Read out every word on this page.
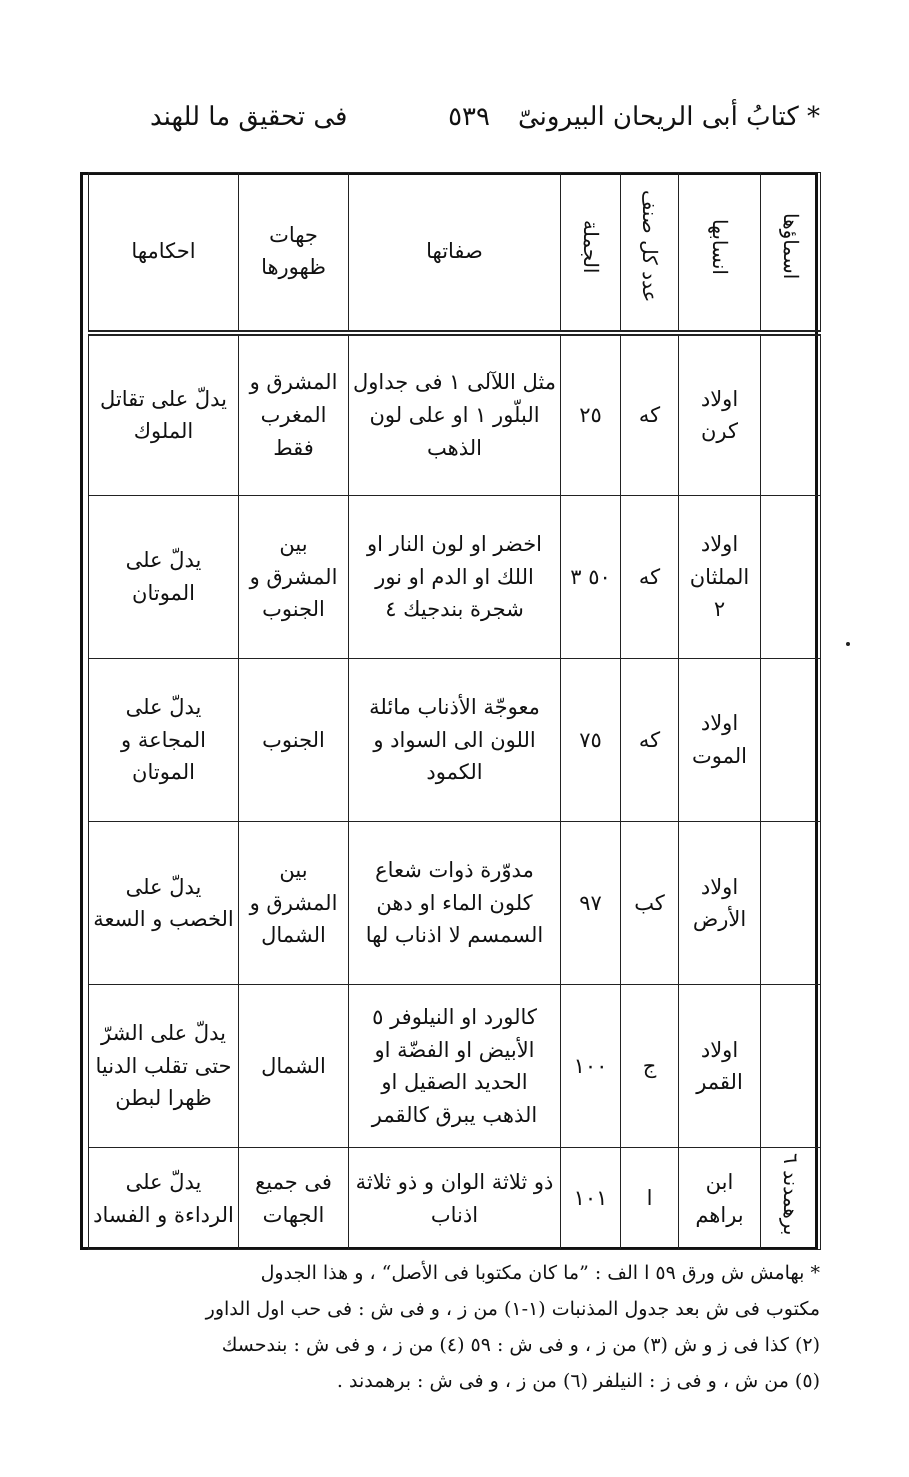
* كتابُ أبى الريحان البيرونىّ
٥٣٩
فى تحقيق ما للهند
اسماؤها	انسابها	عدد كل صنف	الجملة	صفاتها	جهات ظهورها	احكامها
	اولاد كرن	كه	٢٥	مثل اللآلى ١ فى جداول البلّور ١ او على لون الذهب	المشرق و المغرب فقط	يدلّ على تقاتل الملوك
	اولاد الملثان ٢	كه	٥٠ ٣	اخضر او لون النار او اللك او الدم او نور شجرة بندجيك ٤	بين المشرق و الجنوب	يدلّ على الموتان
	اولاد الموت	كه	٧٥	معوجّة الأذناب مائلة اللون الى السواد و الكمود	الجنوب	يدلّ على المجاعة و الموتان
	اولاد الأرض	كب	٩٧	مدوّرة ذوات شعاع كلون الماء او دهن السمسم لا اذناب لها	بين المشرق و الشمال	يدلّ على الخصب و السعة
	اولاد القمر	ج	١٠٠	كالورد او النيلوفر ٥ الأبيض او الفضّة او الحديد الصقيل او الذهب يبرق كالقمر	الشمال	يدلّ على الشرّ حتى تقلب الدنيا ظهرا لبطن
برهمدند ٦	ابن براهم	ا	١٠١	ذو ثلاثة الوان و ذو ثلاثة اذناب	فى جميع الجهات	يدلّ على الرداءة و الفساد

* بهامش ش ورق ٥٩ ا الف : ”ما كان مكتوبا فى الأصل“ ، و هذا الجدول

مكتوب فى ش بعد جدول المذنبات (١-١) من ز ، و فى ش : فى حب اول الداور

(٢) كذا فى ز و ش (٣) من ز ، و فى ش : ٥٩ (٤) من ز ، و فى ش : بندحسك

(٥) من ش ، و فى ز : النيلفر (٦) من ز ، و فى ش : برهمدند .
